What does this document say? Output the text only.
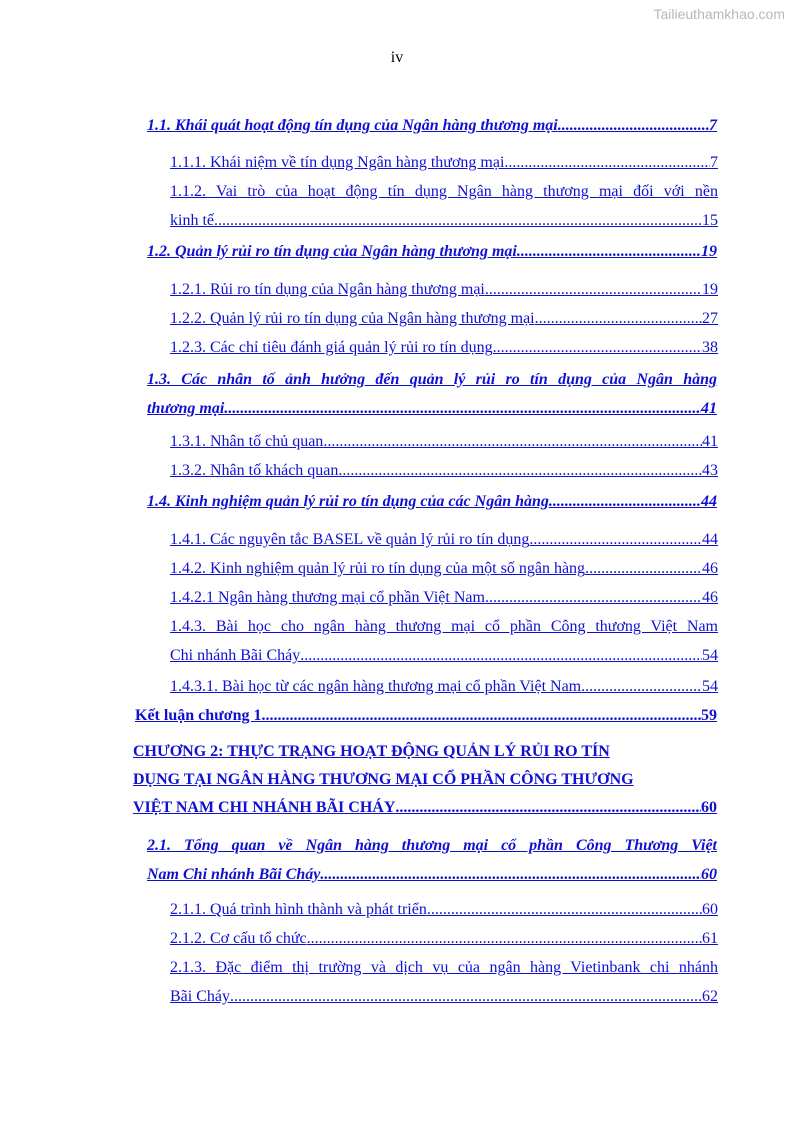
Tailieuthamkhao.com
iv
1.1. Khái quát hoạt động tín dụng của Ngân hàng thương mại .....	7
1.1.1. Khái niệm về tín dụng Ngân hàng thương mại .....	7
1.1.2. Vai trò của hoạt động tín dụng Ngân hàng thương mại đối với nền
kinh tế .....	15
1.2. Quản lý rủi ro tín dụng của Ngân hàng thương mại .....	19
1.2.1. Rủi ro tín dụng của Ngân hàng thương mại .....	19
1.2.2. Quản lý rủi ro tín dụng của Ngân hàng thương mại .....	27
1.2.3. Các chỉ tiêu đánh giá quản lý rủi ro tín dụng .....	38
1.3. Các nhân tố ảnh hưởng đến quản lý rủi ro tín dụng của Ngân hàng
thương mại .....	41
1.3.1. Nhân tố chủ quan .....	41
1.3.2. Nhân tố khách quan .....	43
1.4. Kinh nghiệm quản lý rủi ro tín dụng của các Ngân hàng .....	44
1.4.1. Các nguyên tắc BASEL về quản lý rủi ro tín dụng .....	44
1.4.2. Kinh nghiệm quản lý rủi ro tín dụng của một số ngân hàng .....	46
1.4.2.1 Ngân hàng thương mại cổ phần Việt Nam .....	46
1.4.3. Bài học cho ngân hàng thương mại cổ phần Công thương Việt Nam
Chi nhánh Bãi Cháy .....	54
1.4.3.1. Bài học từ các ngân hàng thương mại cổ phần Việt Nam .....	54
Kết luận chương 1 .....	59
CHƯƠNG 2: THỰC TRẠNG HOẠT ĐỘNG QUẢN LÝ RỦI RO TÍN
DỤNG TẠI NGÂN HÀNG THƯƠNG MẠI CỔ PHẦN CÔNG THƯƠNG
VIỆT NAM CHI NHÁNH BÃI CHÁY .....	60
2.1. Tổng quan về Ngân hàng thương mại cổ phần Công Thương Việt
Nam Chi nhánh Bãi Cháy .....	60
2.1.1. Quá trình hình thành và phát triển .....	60
2.1.2. Cơ cấu tổ chức .....	61
2.1.3. Đặc điểm thị trường và dịch vụ của ngân hàng Vietinbank chi nhánh
Bãi Cháy .....	62
